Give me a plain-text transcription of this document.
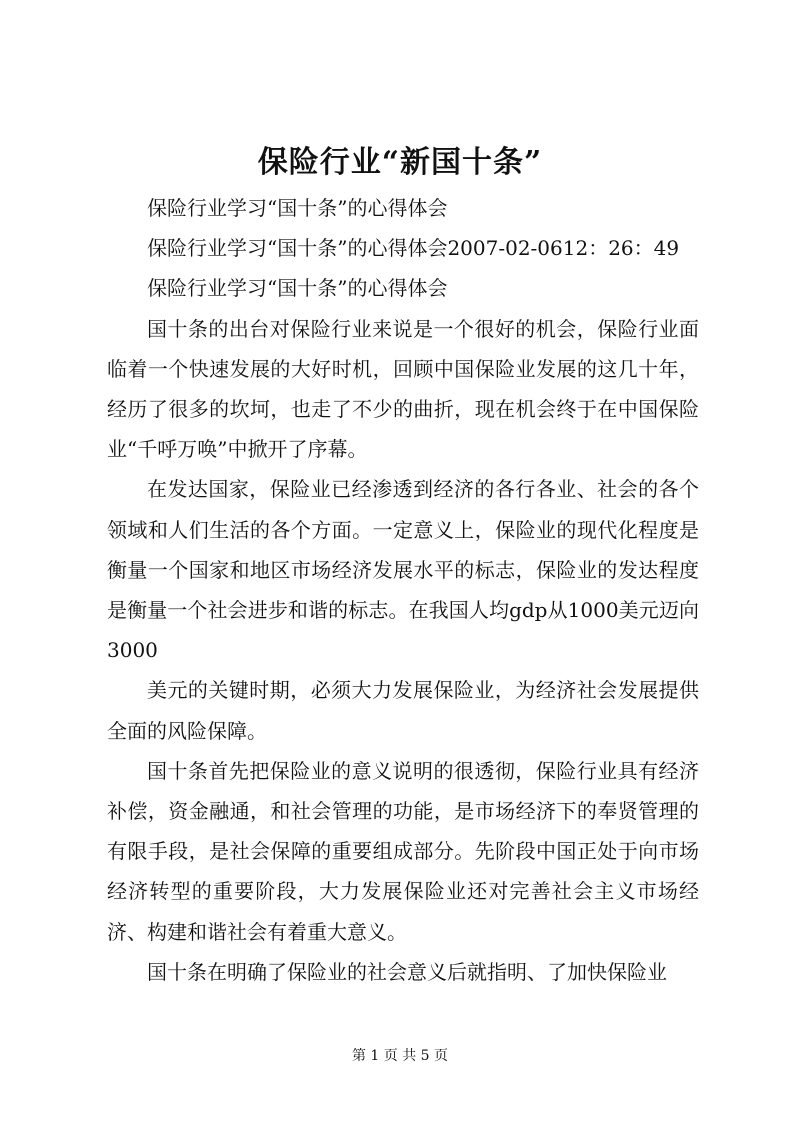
保险行业“新国十条”

保险行业学习“国十条”的心得体会

保险行业学习“国十条”的心得体会2007-02-0612：26：49

保险行业学习“国十条”的心得体会

国十条的出台对保险行业来说是一个很好的机会，保险行业面临着一个快速发展的大好时机，回顾中国保险业发展的这几十年，经历了很多的坎坷，也走了不少的曲折，现在机会终于在中国保险业“千呼万唤”中掀开了序幕。

在发达国家，保险业已经渗透到经济的各行各业、社会的各个领域和人们生活的各个方面。一定意义上，保险业的现代化程度是衡量一个国家和地区市场经济发展水平的标志，保险业的发达程度是衡量一个社会进步和谐的标志。在我国人均gdp从1000美元迈向3000

美元的关键时期，必须大力发展保险业，为经济社会发展提供全面的风险保障。

国十条首先把保险业的意义说明的很透彻，保险行业具有经济补偿，资金融通，和社会管理的功能，是市场经济下的奉贤管理的有限手段，是社会保障的重要组成部分。先阶段中国正处于向市场经济转型的重要阶段，大力发展保险业还对完善社会主义市场经济、构建和谐社会有着重大意义。

国十条在明确了保险业的社会意义后就指明、了加快保险业

第 1 页 共 5 页
